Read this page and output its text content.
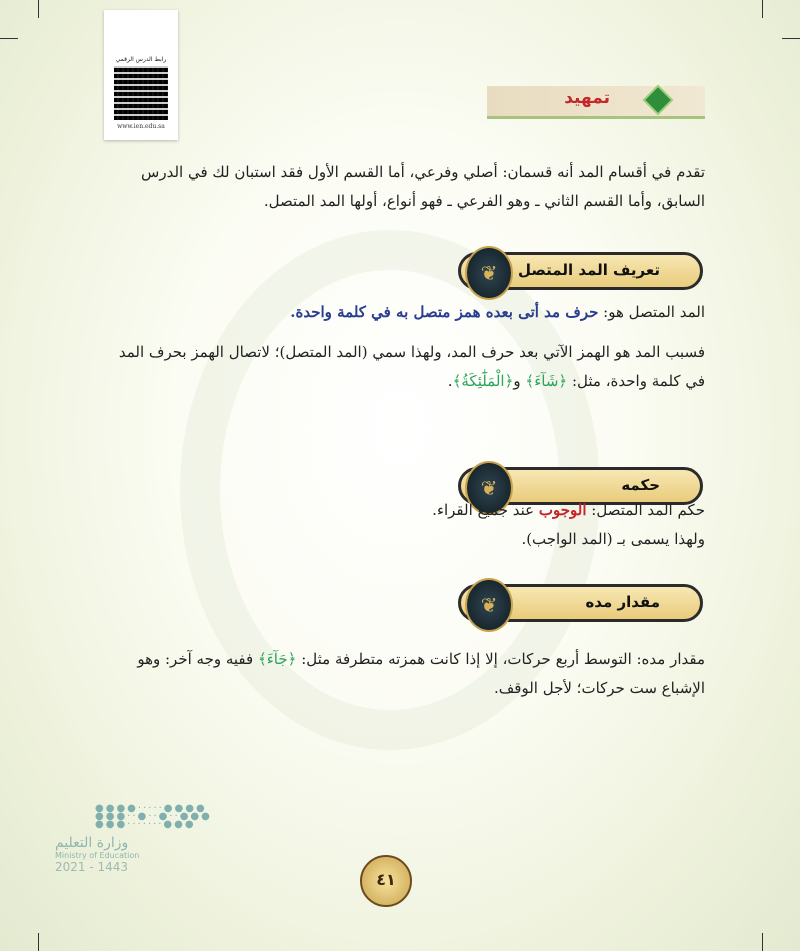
رابط الدرس الرقمي
www.ien.edu.sa
تمهيد

تقدم في أقسام المد أنه قسمان: أصلي وفرعي، أما القسم الأول فقد استبان لك في الدرس السابق، وأما القسم الثاني ـ وهو الفرعي ـ فهو أنواع، أولها المد المتصل.

تعريف المد المتصل
❦

المد المتصل هو: حرف مد أتى بعده همز متصل به في كلمة واحدة.

فسبب المد هو الهمز الآتي بعد حرف المد، ولهذا سمي (المد المتصل)؛ لاتصال الهمز بحرف المد في كلمة واحدة، مثل: ﴿شَآءَ﴾ و﴿الْمَلَٰٓئِكَةُ﴾.

حكمه
❦

حكم المد المتصل: الوجوب عند جميع القراء.
ولهذا يسمى بـ (المد الواجب).

مقدار مده
❦

مقدار مده: التوسط أربع حركات، إلا إذا كانت همزته متطرفة مثل: ﴿جَآءَ﴾ ففيه وجه آخر: وهو الإشباع ست حركات؛ لأجل الوقف.

●●●●·····●●●●
●●●··●··●··●●●
●●●·······●●●
وزارة التعليم
Ministry of Education
2021 - 1443
٤١
